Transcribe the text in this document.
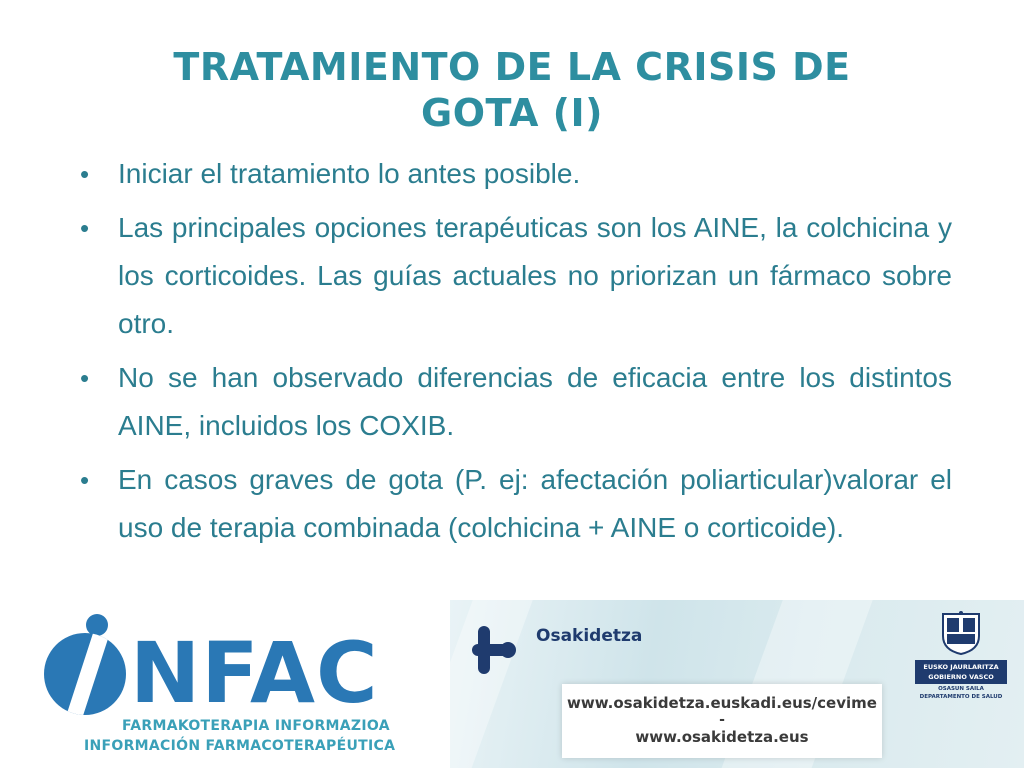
TRATAMIENTO DE LA CRISIS DE
GOTA (I)
• Iniciar el tratamiento lo antes posible.
• Las principales opciones terapéuticas son los AINE, la colchicina y los corticoides. Las guías actuales no priorizan un fármaco sobre otro.
• No se han observado diferencias de eficacia entre los distintos AINE, incluidos los COXIB.
• En casos graves de gota (P. ej: afectación poliarticular)valorar el uso de terapia combinada (colchicina + AINE o corticoide).
NFAC
FARMAKOTERAPIA INFORMAZIOA
INFORMACIÓN FARMACOTERAPÉUTICA
Osakidetza
www.osakidetza.euskadi.eus/cevime
-
www.osakidetza.eus
EUSKO JAURLARITZA
GOBIERNO VASCO
OSASUN SAILA
DEPARTAMENTO DE SALUD
